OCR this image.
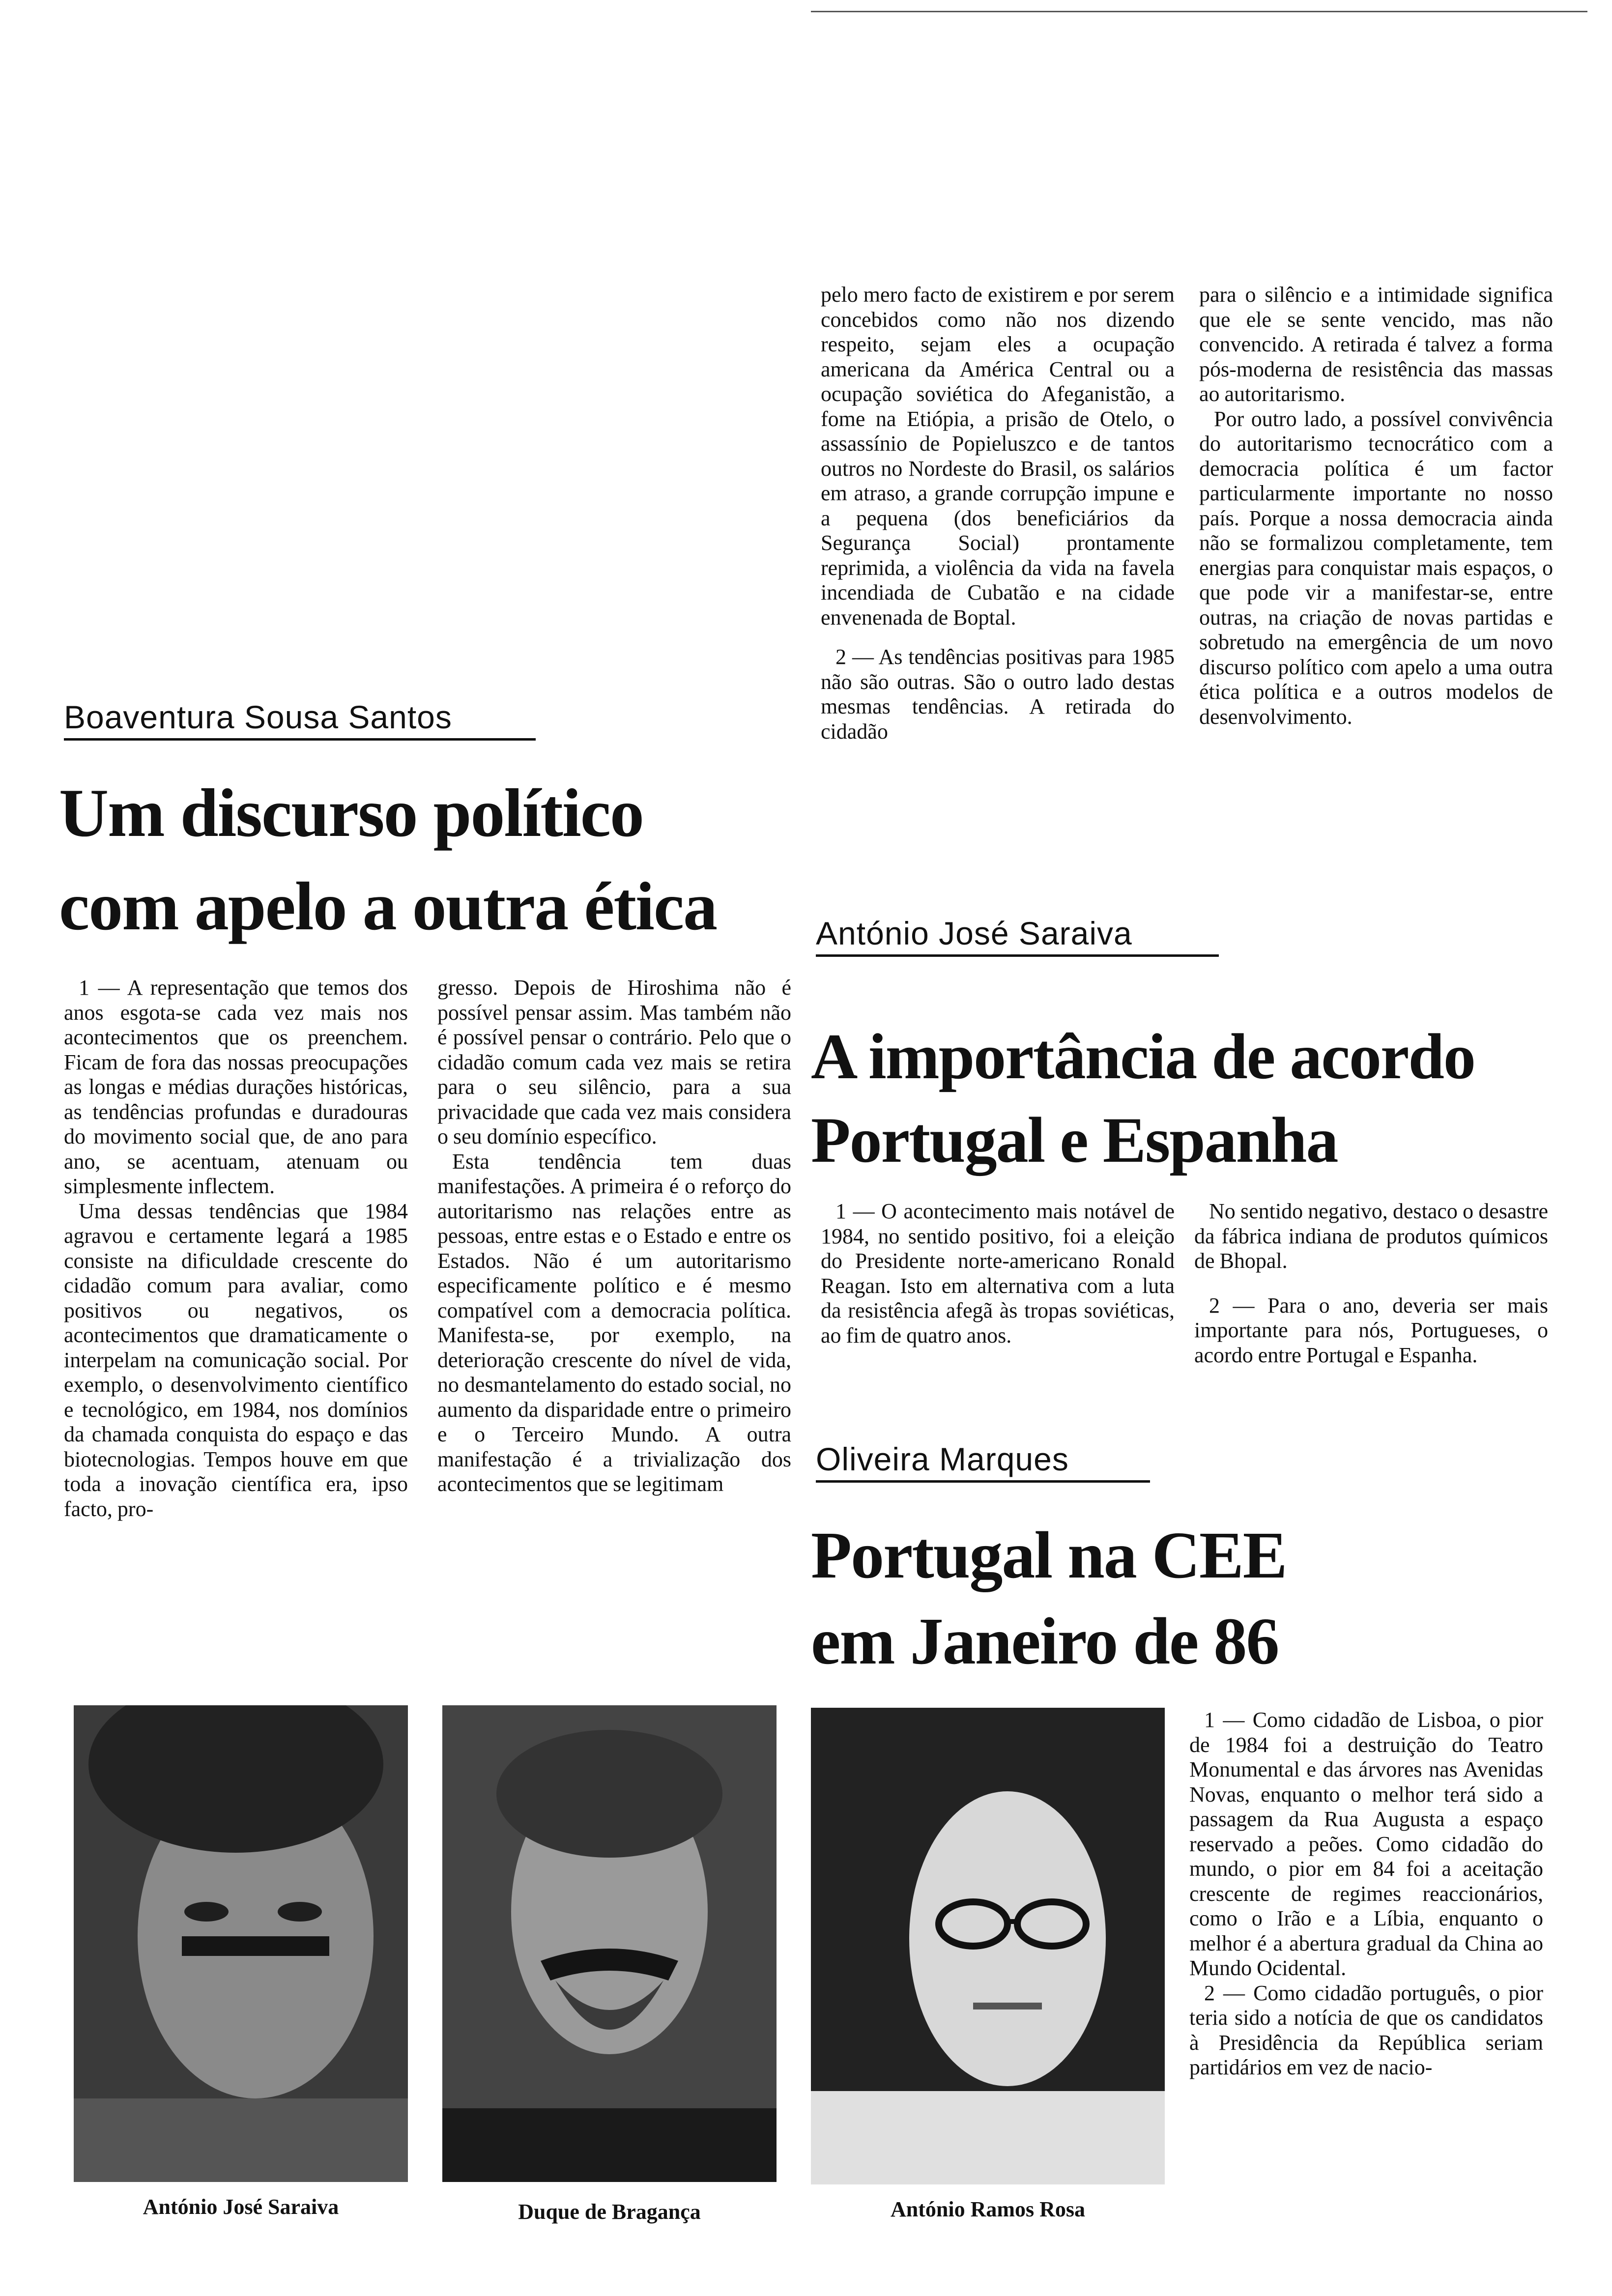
Boaventura Sousa Santos
Um discurso político
com apelo a outra ética

1 — A representação que temos dos anos esgota-se cada vez mais nos acontecimentos que os preenchem. Ficam de fora das nossas preocupações as longas e médias durações históricas, as tendências profundas e duradouras do movimento social que, de ano para ano, se acentuam, atenuam ou simplesmente inflectem.

Uma dessas tendências que 1984 agravou e certamente legará a 1985 consiste na dificuldade crescente do cidadão comum para avaliar, como positivos ou negativos, os acontecimentos que dramaticamente o interpelam na comunicação social. Por exemplo, o desenvolvimento científico e tecnológico, em 1984, nos domínios da chamada conquista do espaço e das biotecnologias. Tempos houve em que toda a inovação científica era, ipso facto, pro-

gresso. Depois de Hiroshima não é possível pensar assim. Mas também não é possível pensar o contrário. Pelo que o cidadão comum cada vez mais se retira para o seu silêncio, para a sua privacidade que cada vez mais considera o seu domínio específico.

Esta tendência tem duas manifestações. A primeira é o reforço do autoritarismo nas relações entre as pessoas, entre estas e o Estado e entre os Estados. Não é um autoritarismo especificamente político e é mesmo compatível com a democracia política. Manifesta-se, por exemplo, na deterioração crescente do nível de vida, no desmantelamento do estado social, no aumento da disparidade entre o primeiro e o Terceiro Mundo. A outra manifestação é a trivialização dos acontecimentos que se legitimam

pelo mero facto de existirem e por serem concebidos como não nos dizendo respeito, sejam eles a ocupação americana da América Central ou a ocupação soviética do Afeganistão, a fome na Etiópia, a prisão de Otelo, o assassínio de Popieluszco e de tantos outros no Nordeste do Brasil, os salários em atraso, a grande corrupção impune e a pequena (dos beneficiários da Segurança Social) prontamente reprimida, a violência da vida na favela incendiada de Cubatão e na cidade envenenada de Boptal.

2 — As tendências positivas para 1985 não são outras. São o outro lado destas mesmas tendências. A retirada do cidadão

para o silêncio e a intimidade significa que ele se sente vencido, mas não convencido. A retirada é talvez a forma pós-moderna de resistência das massas ao autoritarismo.

Por outro lado, a possível convivência do autoritarismo tecnocrático com a democracia política é um factor particularmente importante no nosso país. Porque a nossa democracia ainda não se formalizou completamente, tem energias para conquistar mais espaços, o que pode vir a manifestar-se, entre outras, na criação de novas partidas e sobretudo na emergência de um novo discurso político com apelo a uma outra ética política e a outros modelos de desenvolvimento.

António José Saraiva
A importância de acordo
Portugal e Espanha

1 — O acontecimento mais notável de 1984, no sentido positivo, foi a eleição do Presidente norte-americano Ronald Reagan. Isto em alternativa com a luta da resistência afegã às tropas soviéticas, ao fim de quatro anos.

No sentido negativo, destaco o desastre da fábrica indiana de produtos químicos de Bhopal.

2 — Para o ano, deveria ser mais importante para nós, Portugueses, o acordo entre Portugal e Espanha.

Oliveira Marques
Portugal na CEE
em Janeiro de 86

1 — Como cidadão de Lisboa, o pior de 1984 foi a destruição do Teatro Monumental e das árvores nas Avenidas Novas, enquanto o melhor terá sido a passagem da Rua Augusta a espaço reservado a peões. Como cidadão do mundo, o pior em 84 foi a aceitação crescente de regimes reaccionários, como o Irão e a Líbia, enquanto o melhor é a abertura gradual da China ao Mundo Ocidental.

2 — Como cidadão português, o pior teria sido a notícia de que os candidatos à Presidência da República seriam partidários em vez de nacio-

António José Saraiva	Duque de Bragança	António Ramos Rosa
